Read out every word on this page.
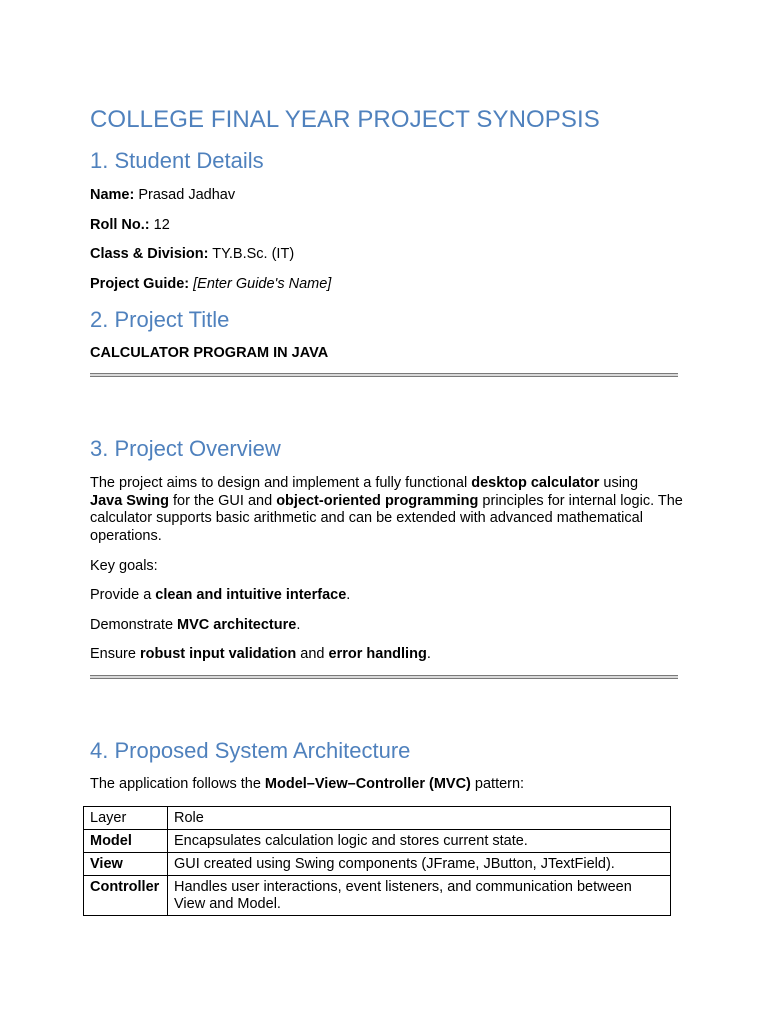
COLLEGE FINAL YEAR PROJECT SYNOPSIS
1. Student Details
Name: Prasad Jadhav
Roll No.: 12
Class & Division: TY.B.Sc. (IT)
Project Guide: [Enter Guide's Name]
2. Project Title
CALCULATOR PROGRAM IN JAVA
3. Project Overview
The project aims to design and implement a fully functional desktop calculator using
Java Swing for the GUI and object-oriented programming principles for internal logic. The calculator supports basic arithmetic and can be extended with advanced mathematical operations.
Key goals:
Provide a clean and intuitive interface.
Demonstrate MVC architecture.
Ensure robust input validation and error handling.
4. Proposed System Architecture
The application follows the Model–View–Controller (MVC) pattern:
Layer	Role
Model	Encapsulates calculation logic and stores current state.
View	GUI created using Swing components (JFrame, JButton, JTextField).
Controller	Handles user interactions, event listeners, and communication between View and Model.
